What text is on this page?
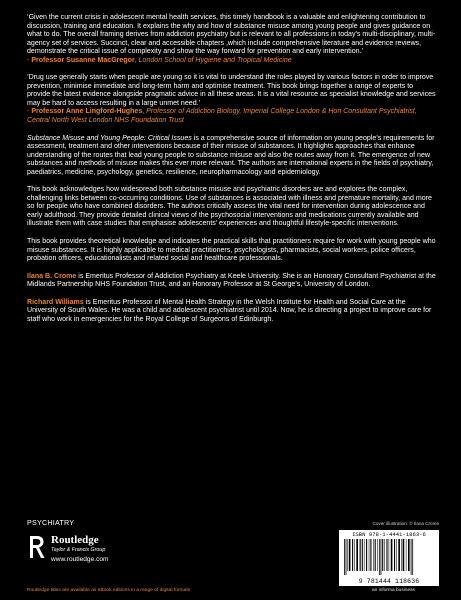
‘Given the current crisis in adolescent mental health services, this timely handbook is a valuable and enlightening contribution to discussion, training and education. It explains the why and how of substance misuse among young people and gives guidance on what to do. The overall framing derives from addiction psychiatry but is relevant to all professions in today’s multi-disciplinary, multi-agency set of services. Succinct, clear and accessible chapters ,which include comprehensive literature and evidence reviews, demonstrate the critical issue of complexity and show the way forward for prevention and early intervention.’
- Professor Susanne MacGregor, London School of Hygiene and Tropical Medicine

‘Drug use generally starts when people are young so it is vital to understand the roles played by various factors in order to improve prevention, minimise immediate and long-term harm and optimise treatment. This book brings together a range of experts to provide the latest evidence alongside pragmatic advice in all these areas. It is a vital resource as specialist knowledge and services may be hard to access resulting in a large unmet need.’
- Professor Anne Lingford-Hughes, Professor of Addiction Biology, Imperial College London & Hon Consultant Psychiatrist, Central North West London NHS Foundation Trust

Substance Misuse and Young People: Critical Issues is a comprehensive source of information on young people’s requirements for assessment, treatment and other interventions because of their misuse of substances. It highlights approaches that enhance understanding of the routes that lead young people to substance misuse and also the routes away from it. The emergence of new substances and methods of misuse makes this ever more relevant. The authors are international experts in the fields of psychiatry, paediatrics, medicine, psychology, genetics, resilience, neuropharmacology and epidemiology.

This book acknowledges how widespread both substance misuse and psychiatric disorders are and explores the complex, challenging links between co-occurring conditions. Use of substances is associated with illness and premature mortality, and more so for people who have combined disorders. The authors critically assess the vital need for intervention during adolescence and early adulthood. They provide detailed clinical views of the psychosocial interventions and medications currently available and illustrate them with case studies that emphasise adolescents’ experiences and thoughtful lifestyle-specific interventions.

This book provides theoretical knowledge and indicates the practical skills that practitioners require for work with young people who misuse substances. It is highly applicable to medical practitioners, psychologists, pharmacists, social workers, police officers, probation officers, educationalists and related social and healthcare professionals.

Ilana B. Crome is Emeritus Professor of Addiction Psychiatry at Keele University. She is an Honorary Consultant Psychiatrist at the Midlands Partnership NHS Foundation Trust, and an Honorary Professor at St George’s, University of London.

Richard Williams is Emeritus Professor of Mental Health Strategy in the Welsh Institute for Health and Social Care at the University of South Wales. He was a child and adolescent psychiatrist until 2014. Now, he is directing a project to improve care for staff who work in emergencies for the Royal College of Surgeons of Edinburgh.

PSYCHIATRY
Routledge
Taylor & Francis Group
www.routledge.com
Cover illustration: © Ilana Crome
ISBN 978-1-4441-1863-6
9 781444 118636
an informa business
Routledge titles are available as eBook editions in a range of digital formats
